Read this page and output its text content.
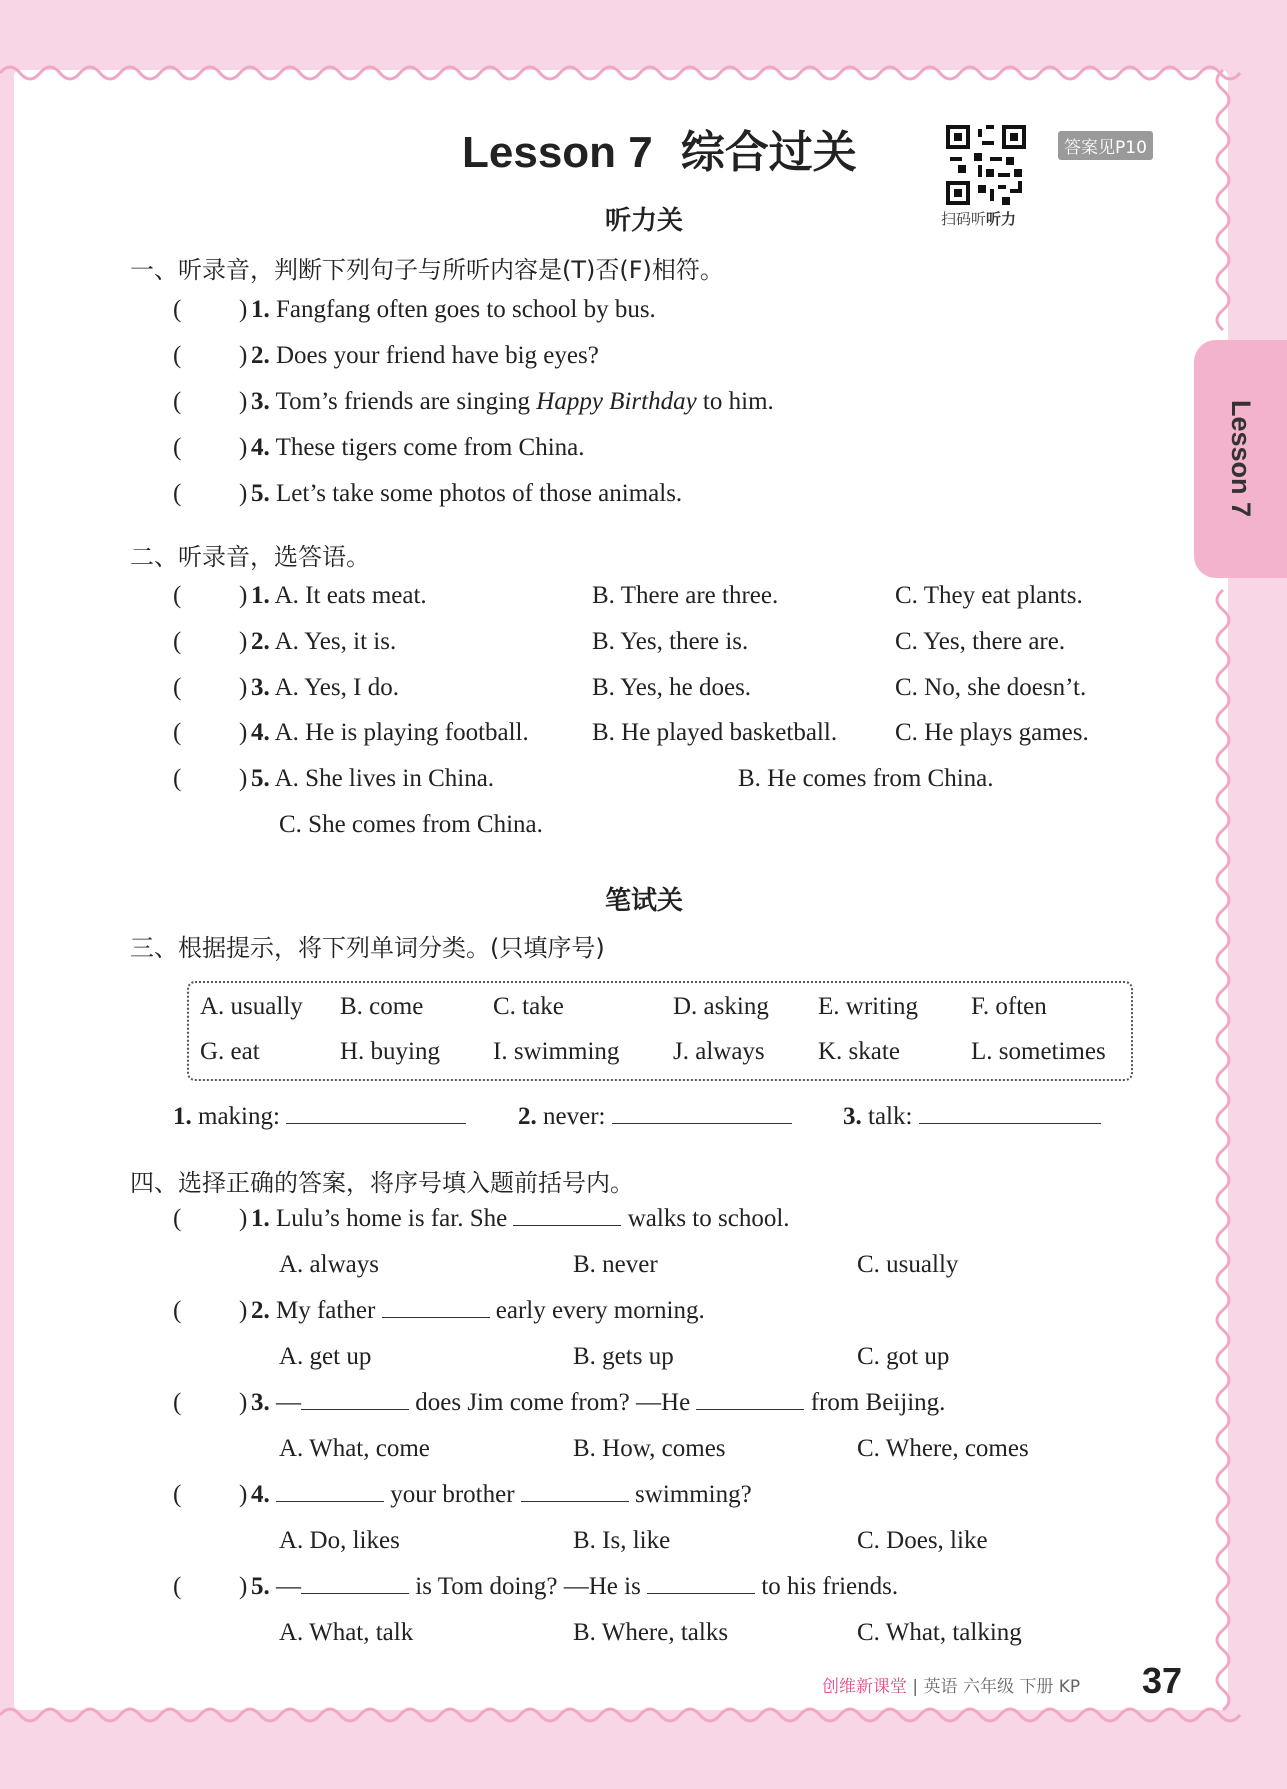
Lesson 7 综合过关
扫码听听力
答案见P10
Lesson 7
听力关
一、听录音，判断下列句子与所听内容是(T)否(F)相符。
( ) 1. Fangfang often goes to school by bus.
( ) 2. Does your friend have big eyes?
( ) 3. Tom’s friends are singing Happy Birthday to him.
( ) 4. These tigers come from China.
( ) 5. Let’s take some photos of those animals.
二、听录音，选答语。
( ) 1. A. It eats meat.	B. There are three.	C. They eat plants.
( ) 2. A. Yes, it is.	B. Yes, there is.	C. Yes, there are.
( ) 3. A. Yes, I do.	B. Yes, he does.	C. No, she doesn’t.
( ) 4. A. He is playing football.	B. He played basketball. C. He plays games.
( ) 5. A. She lives in China.	B. He comes from China.
C. She comes from China.
笔试关
三、根据提示，将下列单词分类。(只填序号)
A. usually B. come	C. take	D. asking E. writing F. often
G. eat	H. buying I. swimming J. always K. skate	L. sometimes
1. making:	2. never:	3. talk:
四、选择正确的答案，将序号填入题前括号内。
( ) 1. Lulu’s home is far. She	walks to school.
A. always	B. never	C. usually
( ) 2. My father	early every morning.
A. get up	B. gets up	C. got up
( ) 3. —	does Jim come from? —He	from Beijing.
A. What, come	B. How, comes	C. Where, comes
( ) 4.	your brother	swimming?
A. Do, likes	B. Is, like	C. Does, like
( ) 5. —	is Tom doing? —He is	to his friends.
A. What, talk	B. Where, talks	C. What, talking
创维新课堂 | 英语 六年级 下册 KP 37
